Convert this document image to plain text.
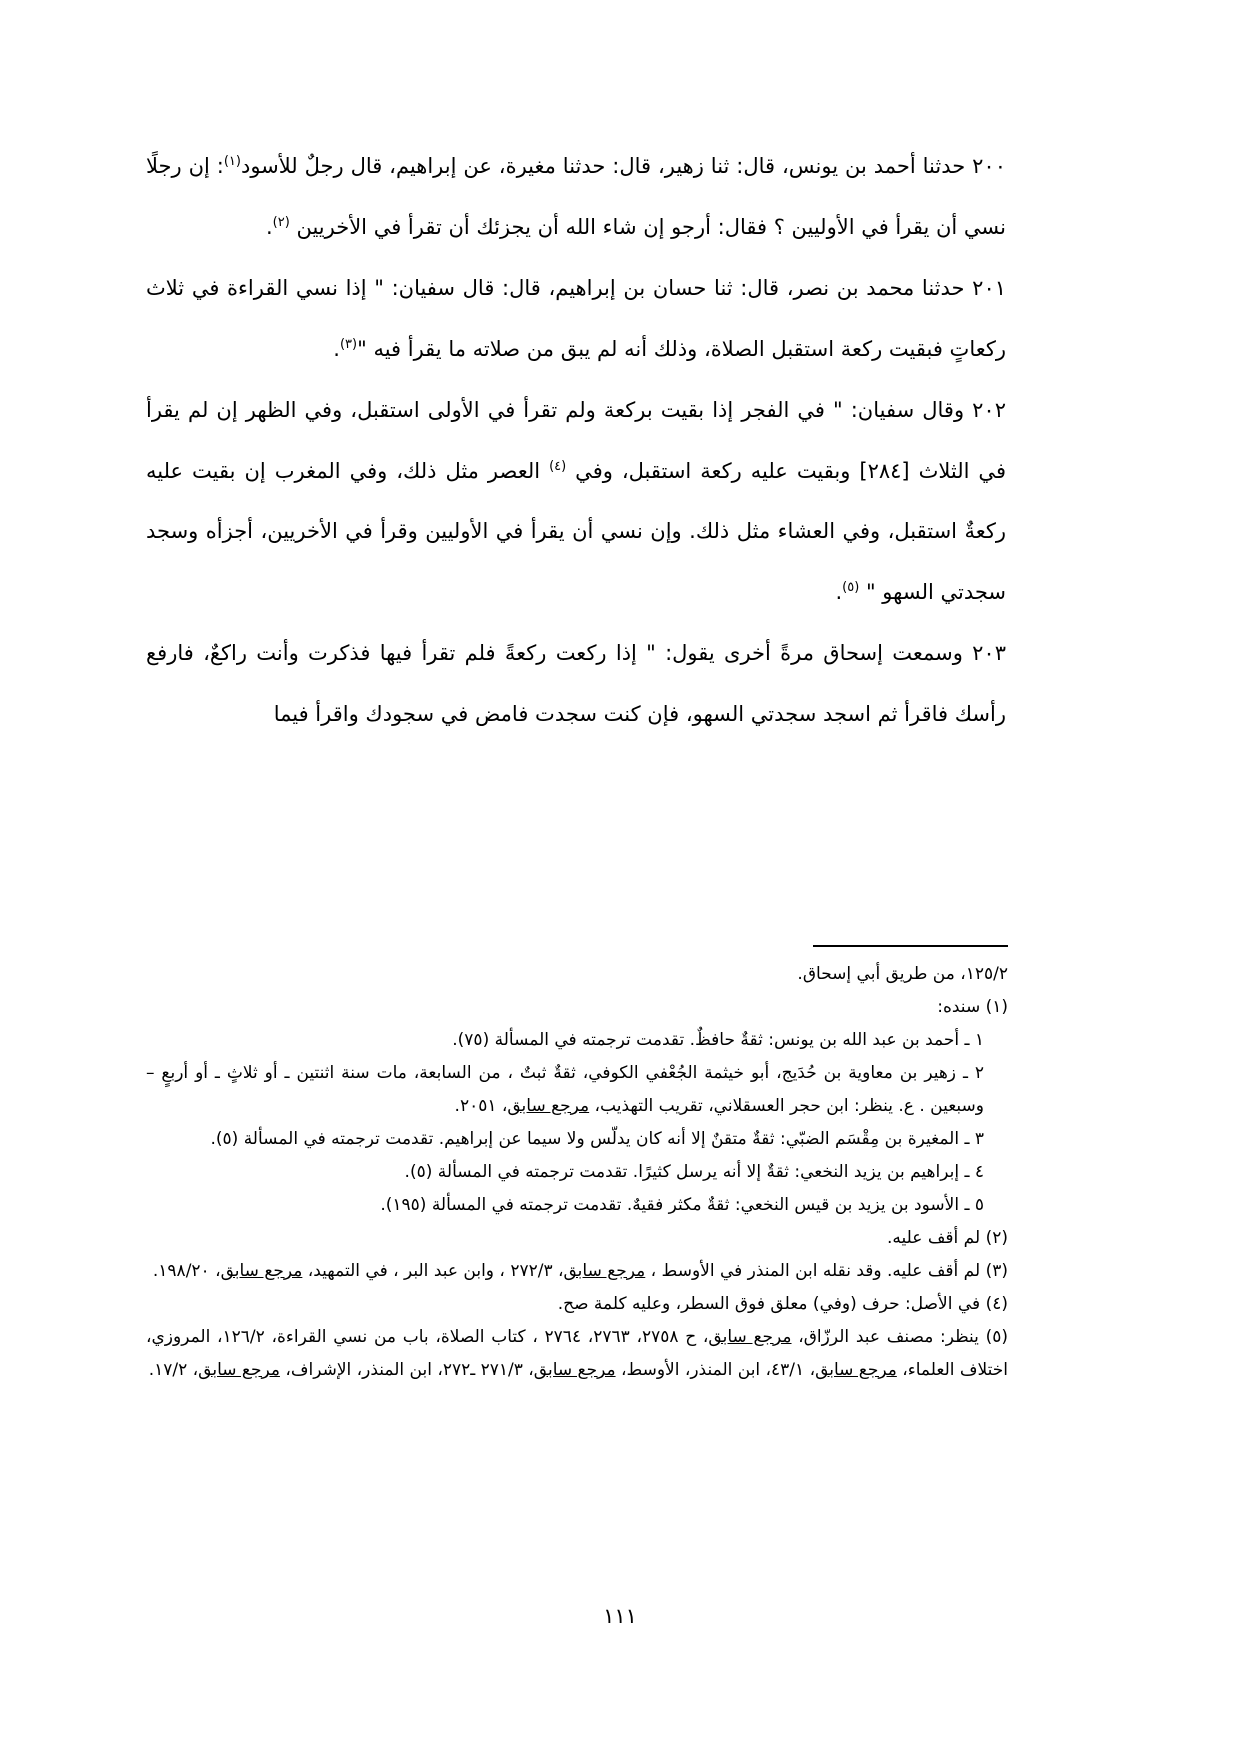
٢٠٠ حدثنا أحمد بن يونس، قال: ثنا زهير، قال: حدثنا مغيرة، عن إبراهيم، قال رجلٌ للأسود$^{(١)}$: إن رجلًا نسي أن يقرأ في الأوليين ؟ فقال: أرجو إن شاء الله أن يجزئك أن تقرأ في الأخريين $^{(٢)}$.

٢٠١ حدثنا محمد بن نصر، قال: ثنا حسان بن إبراهيم، قال: قال سفيان: " إذا نسي القراءة في ثلاث ركعاتٍ فبقيت ركعة استقبل الصلاة، وذلك أنه لم يبق من صلاته ما يقرأ فيه "$^{(٣)}$.

٢٠٢ وقال سفيان: " في الفجر إذا بقيت بركعة ولم تقرأ في الأولى استقبل، وفي الظهر إن لم يقرأ في الثلاث [٢٨٤] وبقيت عليه ركعة استقبل، وفي $^{(٤)}$ العصر مثل ذلك، وفي المغرب إن بقيت عليه ركعةٌ استقبل، وفي العشاء مثل ذلك. وإن نسي أن يقرأ في الأوليين وقرأ في الأخريين، أجزأه وسجد سجدتي السهو " $^{(٥)}$.

٢٠٣ وسمعت إسحاق مرةً أخرى يقول: " إذا ركعت ركعةً فلم تقرأ فيها فذكرت وأنت راكعٌ، فارفع رأسك فاقرأ ثم اسجد سجدتي السهو، فإن كنت سجدت فامض في سجودك واقرأ فيما

١٢٥/٢، من طريق أبي إسحاق.

(١) سنده:

١ ـ أحمد بن عبد الله بن يونس: ثقةٌ حافظٌ. تقدمت ترجمته في المسألة (٧٥).

٢ ـ زهير بن معاوية بن حُدَيج، أبو خيثمة الجُعْفي الكوفي، ثقةٌ ثبتٌ ، من السابعة، مات سنة اثنتين ـ أو ثلاثٍ ـ أو أربعٍ – وسبعين . ع. ينظر: ابن حجر العسقلاني، تقريب التهذيب، مرجع سابق، ٢٠٥١.

٣ ـ المغيرة بن مِقْسَم الضبّي: ثقةٌ متقنٌ إلا أنه كان يدلّس ولا سيما عن إبراهيم. تقدمت ترجمته في المسألة (٥).

٤ ـ إبراهيم بن يزيد النخعي: ثقةٌ إلا أنه يرسل كثيرًا. تقدمت ترجمته في المسألة (٥).

٥ ـ الأسود بن يزيد بن قيس النخعي: ثقةٌ مكثر فقيهٌ. تقدمت ترجمته في المسألة (١٩٥).

(٢) لم أقف عليه.

(٣) لم أقف عليه. وقد نقله ابن المنذر في الأوسط ، مرجع سابق، ٢٧٢/٣ ، وابن عبد البر ، في التمهيد، مرجع سابق، ١٩٨/٢٠.

(٤) في الأصل: حرف (وفي) معلق فوق السطر، وعليه كلمة صح.

(٥) ينظر: مصنف عبد الرزّاق، مرجع سابق، ح ٢٧٥٨، ٢٧٦٣، ٢٧٦٤ ، كتاب الصلاة، باب من نسي القراءة، ١٢٦/٢، المروزي، اختلاف العلماء، مرجع سابق، ٤٣/١، ابن المنذر، الأوسط، مرجع سابق، ٢٧١/٣ ـ٢٧٢، ابن المنذر، الإشراف، مرجع سابق، ١٧/٢.

١١١
